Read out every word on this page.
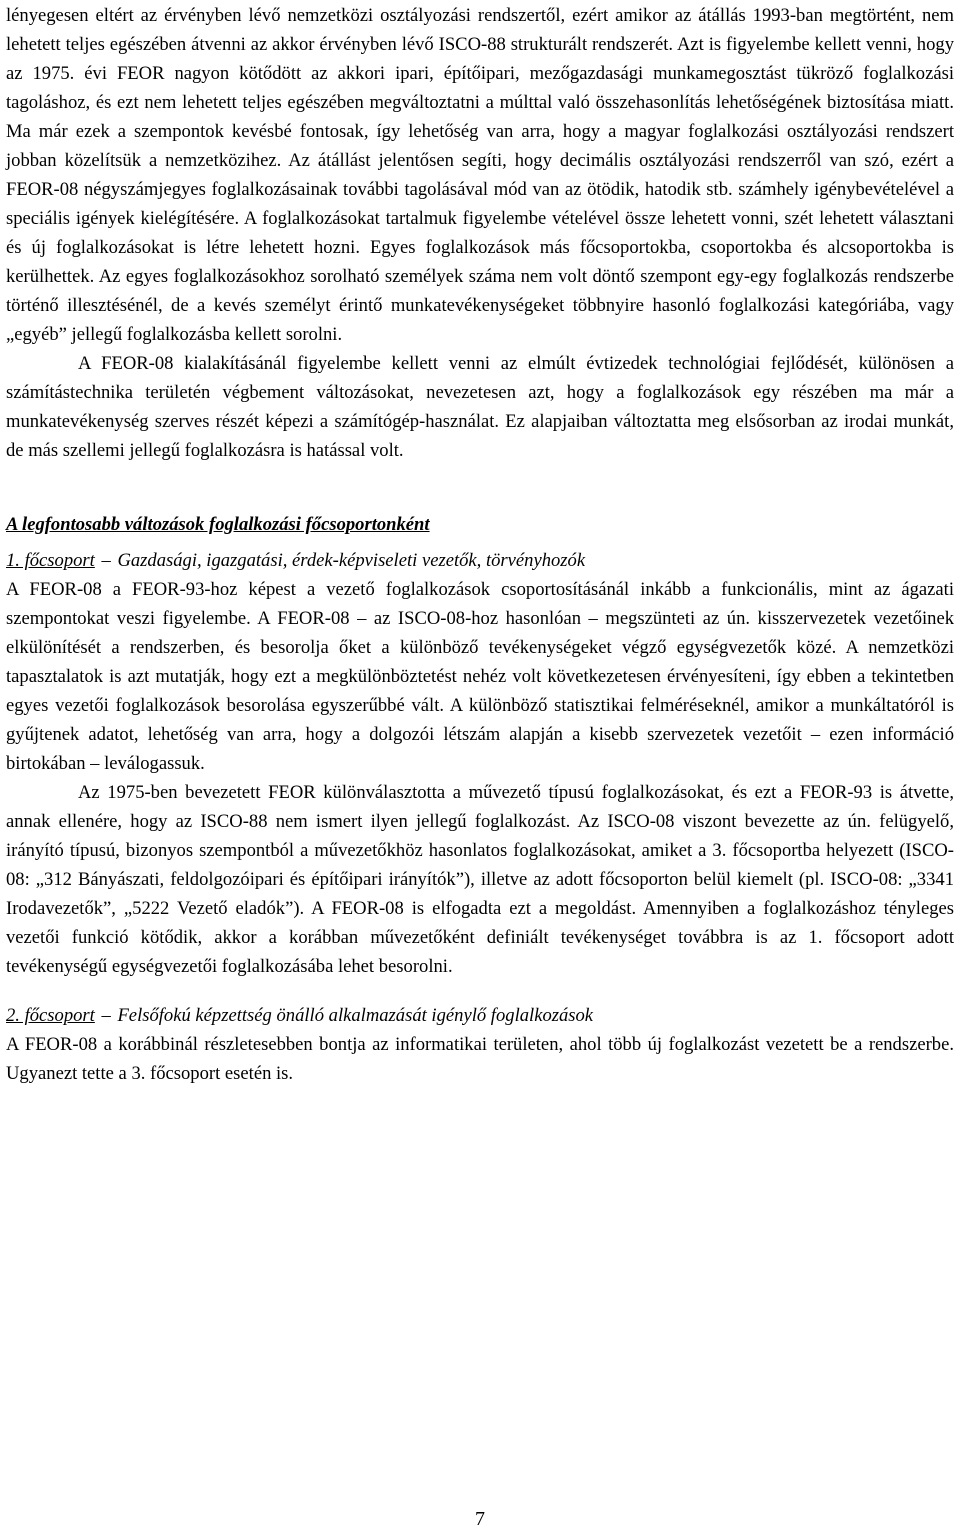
lényegesen eltért az érvényben lévő nemzetközi osztályozási rendszertől, ezért amikor az átállás 1993-ban megtörtént, nem lehetett teljes egészében átvenni az akkor érvényben lévő ISCO-88 strukturált rendszerét. Azt is figyelembe kellett venni, hogy az 1975. évi FEOR nagyon kötődött az akkori ipari, építőipari, mezőgazdasági munkamegosztást tükröző foglalkozási tagoláshoz, és ezt nem lehetett teljes egészében megváltoztatni a múlttal való összehasonlítás lehetőségének biztosítása miatt. Ma már ezek a szempontok kevésbé fontosak, így lehetőség van arra, hogy a magyar foglalkozási osztályozási rendszert jobban közelítsük a nemzetközihez. Az átállást jelentősen segíti, hogy decimális osztályozási rendszerről van szó, ezért a FEOR-08 négyszámjegyes foglalkozásainak további tagolásával mód van az ötödik, hatodik stb. számhely igénybevételével a speciális igények kielégítésére. A foglalkozásokat tartalmuk figyelembe vételével össze lehetett vonni, szét lehetett választani és új foglalkozásokat is létre lehetett hozni. Egyes foglalkozások más főcsoportokba, csoportokba és alcsoportokba is kerülhettek. Az egyes foglalkozásokhoz sorolható személyek száma nem volt döntő szempont egy-egy foglalkozás rendszerbe történő illesztésénél, de a kevés személyt érintő munkatevékenységeket többnyire hasonló foglalkozási kategóriába, vagy „egyéb” jellegű foglalkozásba kellett sorolni.

A FEOR-08 kialakításánál figyelembe kellett venni az elmúlt évtizedek technológiai fejlődését, különösen a számítástechnika területén végbement változásokat, nevezetesen azt, hogy a foglalkozások egy részében ma már a munkatevékenység szerves részét képezi a számítógép-használat. Ez alapjaiban változtatta meg elsősorban az irodai munkát, de más szellemi jellegű foglalkozásra is hatással volt.

A legfontosabb változások foglalkozási főcsoportonként
1. főcsoport – Gazdasági, igazgatási, érdek-képviseleti vezetők, törvényhozók

A FEOR-08 a FEOR-93-hoz képest a vezető foglalkozások csoportosításánál inkább a funkcionális, mint az ágazati szempontokat veszi figyelembe. A FEOR-08 – az ISCO-08-hoz hasonlóan – megszünteti az ún. kisszervezetek vezetőinek elkülönítését a rendszerben, és besorolja őket a különböző tevékenységeket végző egységvezetők közé. A nemzetközi tapasztalatok is azt mutatják, hogy ezt a megkülönböztetést nehéz volt következetesen érvényesíteni, így ebben a tekintetben egyes vezetői foglalkozások besorolása egyszerűbbé vált. A különböző statisztikai felméréseknél, amikor a munkáltatóról is gyűjtenek adatot, lehetőség van arra, hogy a dolgozói létszám alapján a kisebb szervezetek vezetőit – ezen információ birtokában – leválogassuk.

Az 1975-ben bevezetett FEOR különválasztotta a művezető típusú foglalkozásokat, és ezt a FEOR-93 is átvette, annak ellenére, hogy az ISCO-88 nem ismert ilyen jellegű foglalkozást. Az ISCO-08 viszont bevezette az ún. felügyelő, irányító típusú, bizonyos szempontból a művezetőkhöz hasonlatos foglalkozásokat, amiket a 3. főcsoportba helyezett (ISCO-08: „312 Bányászati, feldolgozóipari és építőipari irányítók”), illetve az adott főcsoporton belül kiemelt (pl. ISCO-08: „3341 Irodavezetők”, „5222 Vezető eladók”). A FEOR-08 is elfogadta ezt a megoldást. Amennyiben a foglalkozáshoz tényleges vezetői funkció kötődik, akkor a korábban művezetőként definiált tevékenységet továbbra is az 1. főcsoport adott tevékenységű egységvezetői foglalkozásába lehet besorolni.

2. főcsoport – Felsőfokú képzettség önálló alkalmazását igénylő foglalkozások

A FEOR-08 a korábbinál részletesebben bontja az informatikai területen, ahol több új foglalkozást vezetett be a rendszerbe. Ugyanezt tette a 3. főcsoport esetén is.

7
